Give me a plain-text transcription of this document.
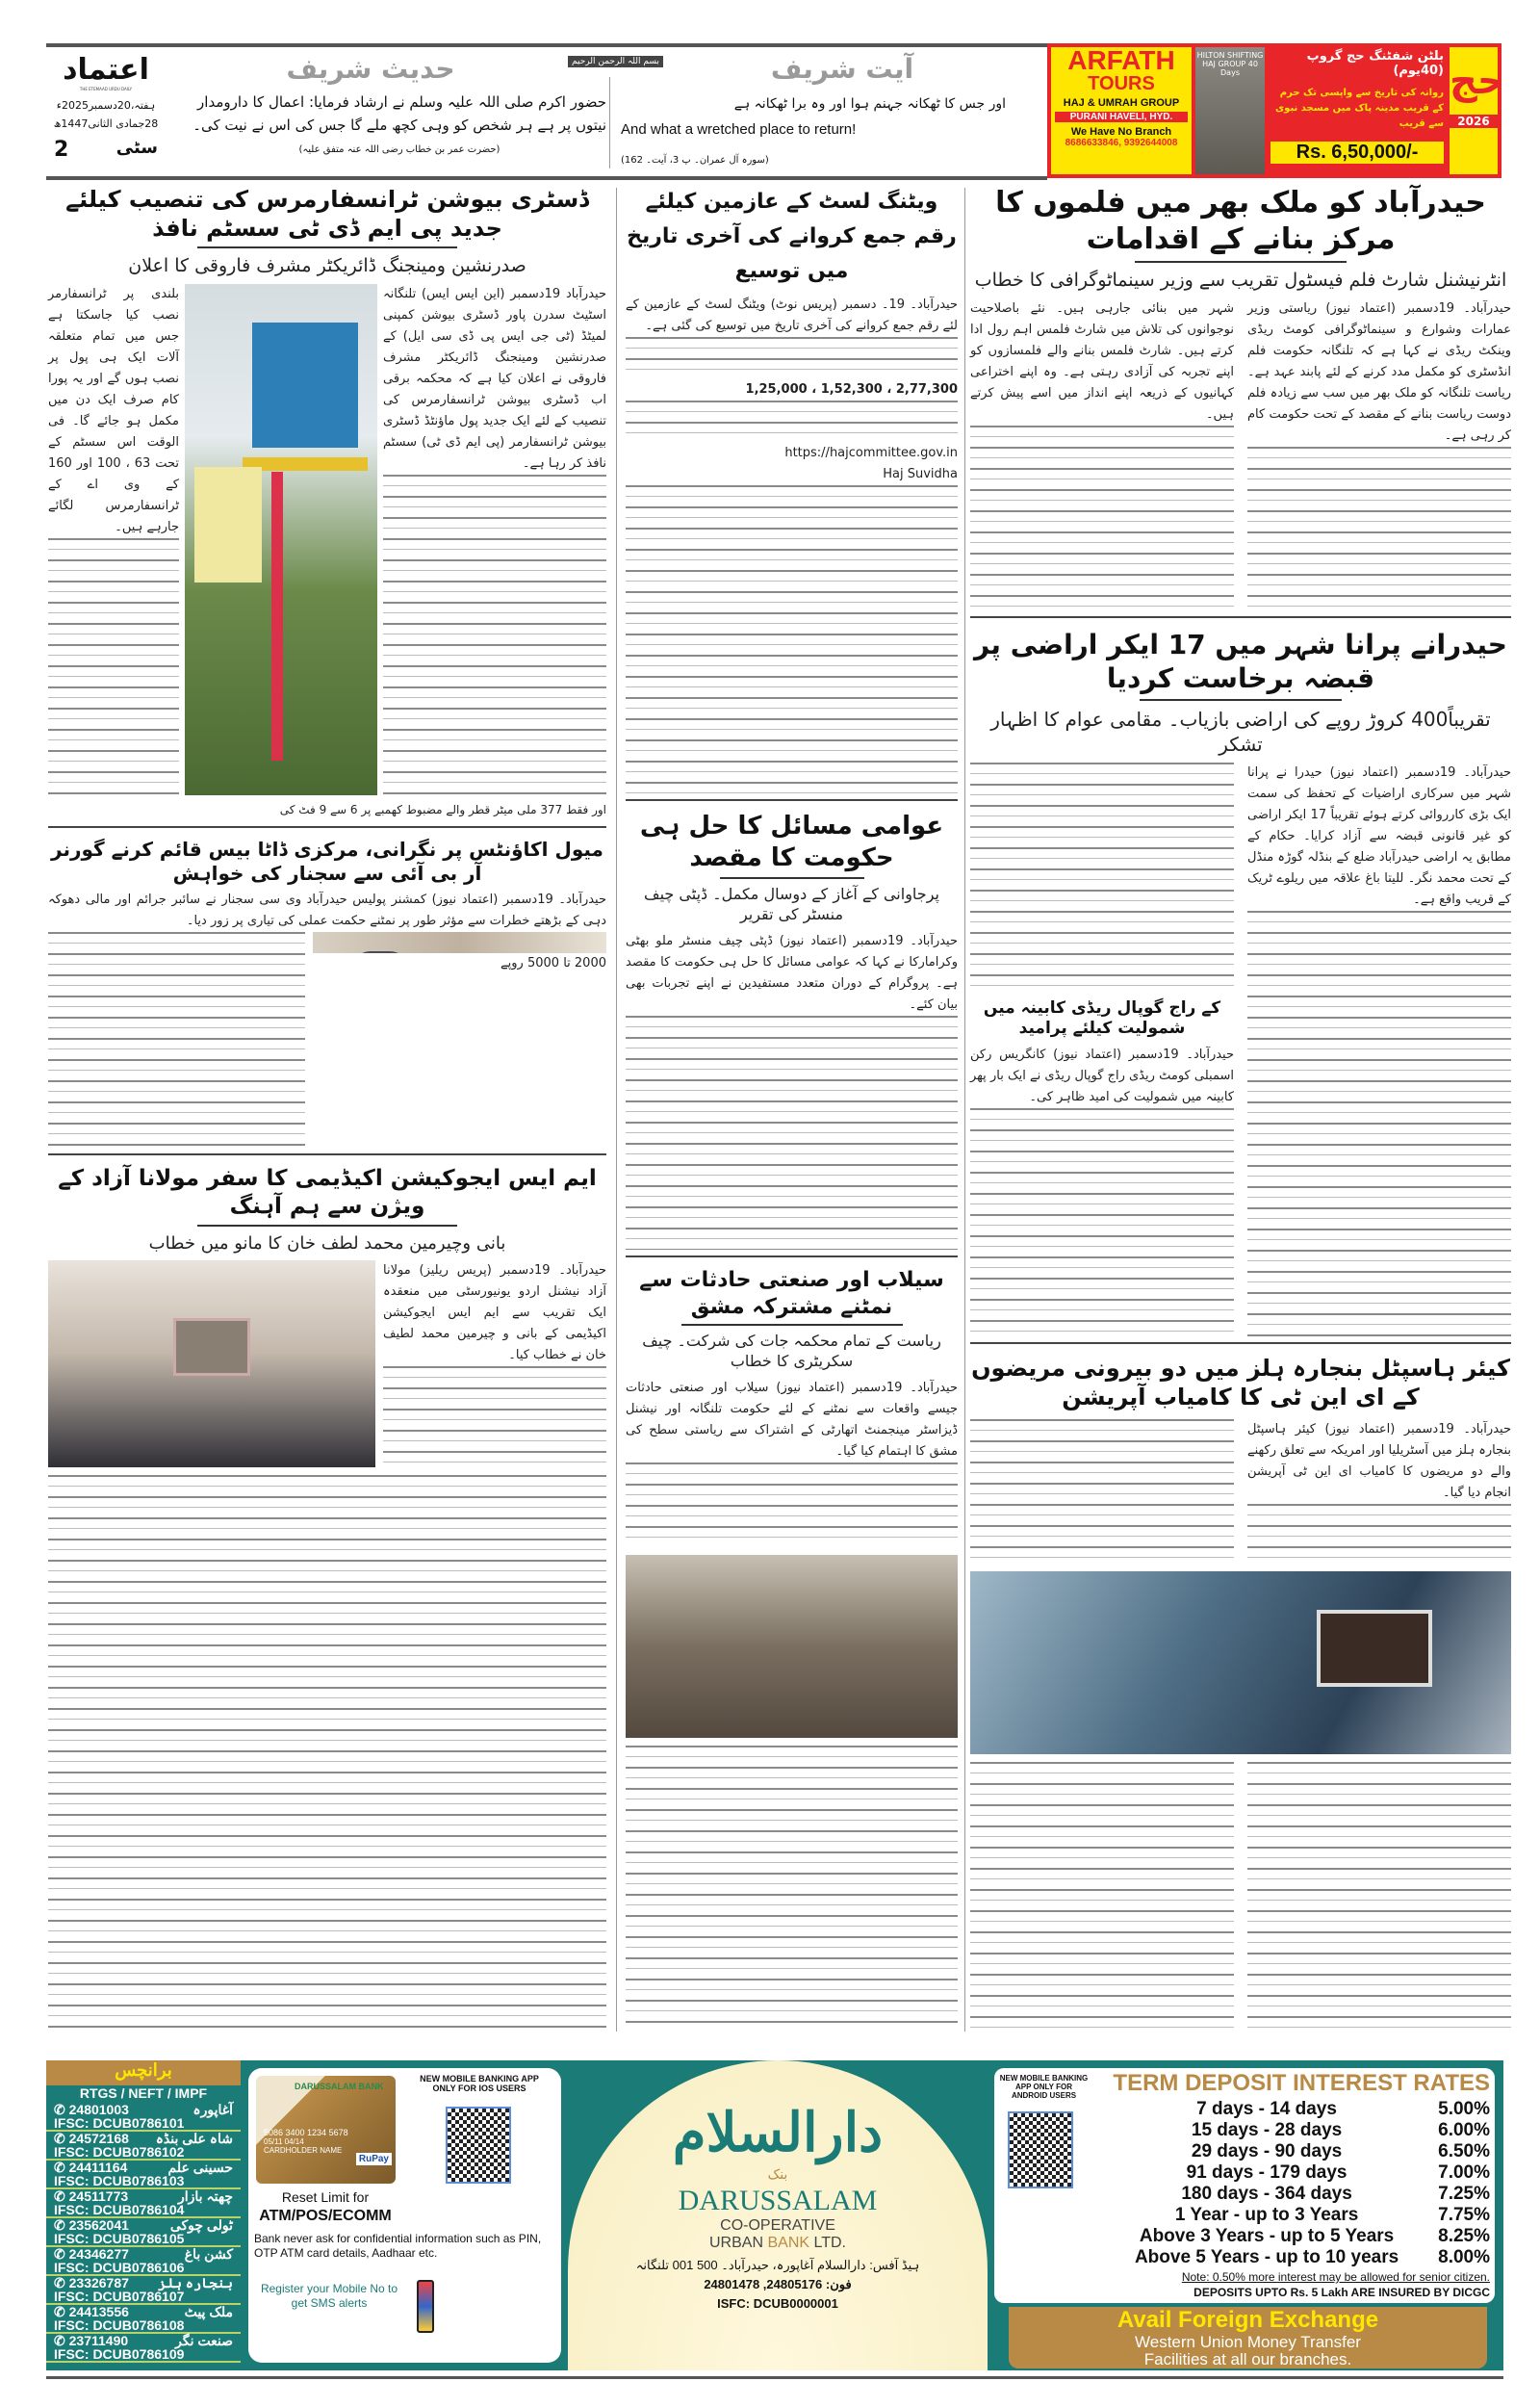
اعتماد
THE ETEMAAD URDU DAILY
ہفتہ،20دسمبر2025ء
28جمادی الثانی1447ھ
2	سٹی
حدیث شریف
حضور اکرم صلی اللہ علیہ وسلم نے ارشاد فرمایا: اعمال کا دارومدار نیتوں پر ہے ہر شخص کو وہی کچھ ملے گا جس کی اس نے نیت کی۔
(حضرت عمر بن خطاب رضی اللہ عنہ متفق علیہ)
بسم اللہ الرحمن الرحیم	آیت شریف
اور جس کا ٹھکانہ جہنم ہوا اور وہ برا ٹھکانہ ہے
And what a wretched place to return!
(سورہ آل عمران۔ پ 3، آیت۔ 162)
ARFATH
TOURS
HAJ & UMRAH GROUP
PURANI HAVELI, HYD.
We Have No Branch
8686633846, 9392644008
HILTON SHIFTING HAJ GROUP 40 Days
بلٹن شفٹنگ حج گروپ (40یوم)
روانہ کی تاریخ سے واپسی تک حرم کے قریب مدینہ پاک میں مسجد نبوی سے قریب
Rs. 6,50,000/-
حج
2026
حیدرآباد کو ملک بھر میں فلموں کا مرکز بنانے کے اقدامات
انٹرنیشنل شارٹ فلم فیسٹول تقریب سے وزیر سینماٹوگرافی کا خطاب
حیدرآباد۔ 19دسمبر (اعتماد نیوز) ریاستی وزیر عمارات وشوارع و سینماٹوگرافی کومٹ ریڈی وینکٹ ریڈی نے کہا ہے کہ تلنگانہ حکومت فلم انڈسٹری کو مکمل مدد کرنے کے لئے پابند عہد ہے۔ ریاست تلنگانہ کو ملک بھر میں سب سے زیادہ فلم دوست ریاست بنانے کے مقصد کے تحت حکومت کام کر رہی ہے۔
شہر میں بنائی جارہی ہیں۔ نئے باصلاحیت نوجوانوں کی تلاش میں شارٹ فلمس اہم رول ادا کرتے ہیں۔ شارٹ فلمس بنانے والے فلمسازوں کو اپنے تجربہ کی آزادی رہتی ہے۔ وہ اپنے اختراعی کہانیوں کے ذریعہ اپنے انداز میں اسے پیش کرتے ہیں۔
حیدرانے پرانا شہر میں 17 ایکر اراضی پر قبضہ برخاست کردیا
تقریباً400 کروڑ روپے کی اراضی بازیاب۔ مقامی عوام کا اظہار تشکر
حیدرآباد۔ 19دسمبر (اعتماد نیوز) حیدرا نے پرانا شہر میں سرکاری اراضیات کے تحفظ کی سمت ایک بڑی کارروائی کرتے ہوئے تقریباً 17 ایکر اراضی کو غیر قانونی قبضہ سے آزاد کرایا۔ حکام کے مطابق یہ اراضی حیدرآباد ضلع کے بنڈلہ گوڑہ منڈل کے تحت محمد نگر۔ للیتا باغ علاقہ میں ریلوے ٹریک کے قریب واقع ہے۔
کے راج گوپال ریڈی کابینہ میں شمولیت کیلئے پرامید
حیدرآباد۔ 19دسمبر (اعتماد نیوز) کانگریس رکن اسمبلی کومٹ ریڈی راج گوپال ریڈی نے ایک بار پھر کابینہ میں شمولیت کی امید ظاہر کی۔
کیئر ہاسپٹل بنجارہ ہلز میں دو بیرونی مریضوں کے ای این ٹی کا کامیاب آپریشن
حیدرآباد۔ 19دسمبر (اعتماد نیوز) کیئر ہاسپٹل بنجارہ ہلز میں آسٹریلیا اور امریکہ سے تعلق رکھنے والے دو مریضوں کا کامیاب ای این ٹی آپریشن انجام دیا گیا۔
ویٹنگ لسٹ کے عازمین کیلئے رقم جمع کروانے کی آخری تاریخ میں توسیع
حیدرآباد۔ 19۔ دسمبر (پریس نوٹ) ویٹنگ لسٹ کے عازمین کے لئے رقم جمع کروانے کی آخری تاریخ میں توسیع کی گئی ہے۔
2,77,300 ، 1,52,300 ، 1,25,000
https://hajcommittee.gov.in
Haj Suvidha
عوامی مسائل کا حل ہی حکومت کا مقصد
پرجاوانی کے آغاز کے دوسال مکمل۔ ڈپٹی چیف منسٹر کی تقریر
حیدرآباد۔ 19دسمبر (اعتماد نیوز) ڈپٹی چیف منسٹر ملو بھٹی وکرامارکا نے کہا کہ عوامی مسائل کا حل ہی حکومت کا مقصد ہے۔ پروگرام کے دوران متعدد مستفیدین نے اپنے تجربات بھی بیان کئے۔
سیلاب اور صنعتی حادثات سے نمٹنے مشترکہ مشق
ریاست کے تمام محکمہ جات کی شرکت۔ چیف سکریٹری کا خطاب
حیدرآباد۔ 19دسمبر (اعتماد نیوز) سیلاب اور صنعتی حادثات جیسے واقعات سے نمٹنے کے لئے حکومت تلنگانہ اور نیشنل ڈیزاسٹر مینجمنٹ اتھارٹی کے اشتراک سے ریاستی سطح کی مشق کا اہتمام کیا گیا۔
ڈسٹری بیوشن ٹرانسفارمرس کی تنصیب کیلئے جدید پی ایم ڈی ٹی سسٹم نافذ
صدرنشین ومینجنگ ڈائریکٹر مشرف فاروقی کا اعلان
حیدرآباد 19دسمبر (این ایس ایس) تلنگانہ اسٹیٹ سدرن پاور ڈسٹری بیوشن کمپنی لمیٹڈ (ٹی جی ایس پی ڈی سی ایل) کے صدرنشین ومینجنگ ڈائریکٹر مشرف فاروقی نے اعلان کیا ہے کہ محکمہ برقی اب ڈسٹری بیوشن ٹرانسفارمرس کی تنصیب کے لئے ایک جدید پول ماؤنٹڈ ڈسٹری بیوشن ٹرانسفارمر (پی ایم ڈی ٹی) سسٹم نافذ کر رہا ہے۔
بلندی پر ٹرانسفارمر نصب کیا جاسکتا ہے جس میں تمام متعلقہ آلات ایک ہی پول پر نصب ہوں گے اور یہ پورا کام صرف ایک دن میں مکمل ہو جائے گا۔ فی الوقت اس سسٹم کے تحت 63 ، 100 اور 160 کے وی اے کے ٹرانسفارمرس لگائے جارہے ہیں۔
اور فقط 377 ملی میٹر قطر والے مضبوط کھمبے پر 6 سے 9 فٹ کی
میول اکاؤنٹس پر نگرانی، مرکزی ڈاٹا بیس قائم کرنے گورنر آر بی آئی سے سجنار کی خواہش
حیدرآباد۔ 19دسمبر (اعتماد نیوز) کمشنر پولیس حیدرآباد وی سی سجنار نے سائبر جرائم اور مالی دھوکہ دہی کے بڑھتے خطرات سے مؤثر طور پر نمٹنے حکمت عملی کی تیاری پر زور دیا۔
2000 تا 5000 روپے
ایم ایس ایجوکیشن اکیڈیمی کا سفر مولانا آزاد کے ویژن سے ہم آہنگ
بانی وچیرمین محمد لطف خان کا مانو میں خطاب
حیدرآباد۔ 19دسمبر (پریس ریلیز) مولانا آزاد نیشنل اردو یونیورسٹی میں منعقدہ ایک تقریب سے ایم ایس ایجوکیشن اکیڈیمی کے بانی و چیرمین محمد لطیف خان نے خطاب کیا۔
برانچس
RTGS / NEFT / IMPF
✆ 24801003	آغاپورہ
IFSC: DCUB0786101
✆ 24572168 شاہ علی بنڈہ
IFSC: DCUB0786102
✆ 24411164	حسینی علم
IFSC: DCUB0786103
✆ 24511773	چھتہ بازار
IFSC: DCUB0786104
✆ 23562041	ٹولی چوکی
IFSC: DCUB0786105
✆ 24346277	کشن باغ
IFSC: DCUB0786106
✆ 23326787 بنجارہ ہلز
IFSC: DCUB0786107
✆ 24413556	ملک پیٹ
IFSC: DCUB0786108
✆ 23711490	صنعت نگر
IFSC: DCUB0786109
DARUSSALAM BANK
5086 3400 1234 5678
05/11 04/14
CARDHOLDER NAME
RuPay
NEW MOBILE BANKING APP ONLY FOR IOS USERS
Reset Limit for
ATM/POS/ECOMM
Bank never ask for confidential information such as PIN, OTP ATM card details, Aadhaar etc.
Register your Mobile No to get SMS alerts
دارالسلام
بنک
DARUSSALAM
CO-OPERATIVE
URBAN BANK LTD.
ہیڈ آفس: دارالسلام آغاپورہ، حیدرآباد۔ 500 001 تلنگانہ
فون: 24805176, 24801478
ISFC: DCUB0000001
NEW MOBILE BANKING APP ONLY FOR ANDROID USERS	TERM DEPOSIT INTEREST RATES
7 days - 14 days	5.00%
15 days - 28 days	6.00%
29 days - 90 days	6.50%
91 days - 179 days	7.00%
180 days - 364 days	7.25%
1 Year - up to 3 Years	7.75%
Above 3 Years - up to 5 Years	8.25%
Above 5 Years - up to 10 years	8.00%
Note: 0.50% more interest may be allowed for senior citizen.
DEPOSITS UPTO Rs. 5 Lakh ARE INSURED BY DICGC
Avail Foreign Exchange
Western Union Money Transfer
Facilities at all our branches.
